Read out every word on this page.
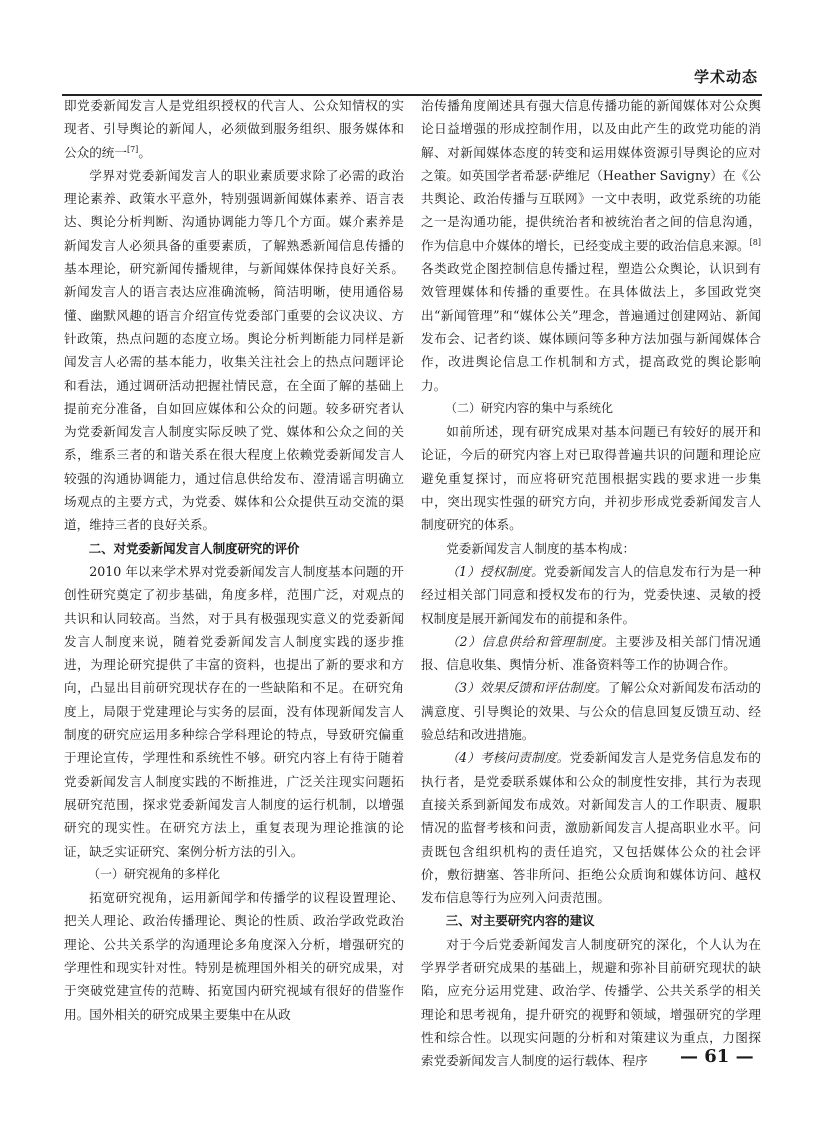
学术动态

即党委新闻发言人是党组织授权的代言人、公众知情权的实现者、引导舆论的新闻人，必须做到服务组织、服务媒体和公众的统一[7]。

学界对党委新闻发言人的职业素质要求除了必需的政治理论素养、政策水平意外，特别强调新闻媒体素养、语言表达、舆论分析判断、沟通协调能力等几个方面。媒介素养是新闻发言人必须具备的重要素质，了解熟悉新闻信息传播的基本理论，研究新闻传播规律，与新闻媒体保持良好关系。新闻发言人的语言表达应准确流畅，简洁明晰，使用通俗易懂、幽默风趣的语言介绍宣传党委部门重要的会议决议、方针政策，热点问题的态度立场。舆论分析判断能力同样是新闻发言人必需的基本能力，收集关注社会上的热点问题评论和看法，通过调研活动把握社情民意，在全面了解的基础上提前充分准备，自如回应媒体和公众的问题。较多研究者认为党委新闻发言人制度实际反映了党、媒体和公众之间的关系，维系三者的和谐关系在很大程度上依赖党委新闻发言人较强的沟通协调能力，通过信息供给发布、澄清谣言明确立场观点的主要方式，为党委、媒体和公众提供互动交流的渠道，维持三者的良好关系。

二、对党委新闻发言人制度研究的评价

2010 年以来学术界对党委新闻发言人制度基本问题的开创性研究奠定了初步基础，角度多样，范围广泛，对观点的共识和认同较高。当然，对于具有极强现实意义的党委新闻发言人制度来说，随着党委新闻发言人制度实践的逐步推进，为理论研究提供了丰富的资料，也提出了新的要求和方向，凸显出目前研究现状存在的一些缺陷和不足。在研究角度上，局限于党建理论与实务的层面，没有体现新闻发言人制度的研究应运用多种综合学科理论的特点，导致研究偏重于理论宣传，学理性和系统性不够。研究内容上有待于随着党委新闻发言人制度实践的不断推进，广泛关注现实问题拓展研究范围，探求党委新闻发言人制度的运行机制，以增强研究的现实性。在研究方法上，重复表现为理论推演的论证，缺乏实证研究、案例分析方法的引入。

（一）研究视角的多样化

拓宽研究视角，运用新闻学和传播学的议程设置理论、把关人理论、政治传播理论、舆论的性质、政治学政党政治理论、公共关系学的沟通理论多角度深入分析，增强研究的学理性和现实针对性。特别是梳理国外相关的研究成果，对于突破党建宣传的范畴、拓宽国内研究视域有很好的借鉴作用。国外相关的研究成果主要集中在从政

治传播角度阐述具有强大信息传播功能的新闻媒体对公众舆论日益增强的形成控制作用，以及由此产生的政党功能的消解、对新闻媒体态度的转变和运用媒体资源引导舆论的应对之策。如英国学者希瑟·萨维尼（Heather Savigny）在《公共舆论、政治传播与互联网》一文中表明，政党系统的功能之一是沟通功能，提供统治者和被统治者之间的信息沟通，作为信息中介媒体的增长，已经变成主要的政治信息来源。[8]各类政党企图控制信息传播过程，塑造公众舆论，认识到有效管理媒体和传播的重要性。在具体做法上，多国政党突出“新闻管理”和“媒体公关”理念，普遍通过创建网站、新闻发布会、记者约谈、媒体顾问等多种方法加强与新闻媒体合作，改进舆论信息工作机制和方式，提高政党的舆论影响力。

（二）研究内容的集中与系统化

如前所述，现有研究成果对基本问题已有较好的展开和论证，今后的研究内容上对已取得普遍共识的问题和理论应避免重复探讨，而应将研究范围根据实践的要求进一步集中，突出现实性强的研究方向，并初步形成党委新闻发言人制度研究的体系。

党委新闻发言人制度的基本构成：

（1）授权制度。党委新闻发言人的信息发布行为是一种经过相关部门同意和授权发布的行为，党委快速、灵敏的授权制度是展开新闻发布的前提和条件。

（2）信息供给和管理制度。主要涉及相关部门情况通报、信息收集、舆情分析、准备资料等工作的协调合作。

（3）效果反馈和评估制度。了解公众对新闻发布活动的满意度、引导舆论的效果、与公众的信息回复反馈互动、经验总结和改进措施。

（4）考核问责制度。党委新闻发言人是党务信息发布的执行者，是党委联系媒体和公众的制度性安排，其行为表现直接关系到新闻发布成效。对新闻发言人的工作职责、履职情况的监督考核和问责，激励新闻发言人提高职业水平。问责既包含组织机构的责任追究，又包括媒体公众的社会评价，敷衍搪塞、答非所问、拒绝公众质询和媒体访问、越权发布信息等行为应列入问责范围。

三、对主要研究内容的建议

对于今后党委新闻发言人制度研究的深化，个人认为在学界学者研究成果的基础上，规避和弥补目前研究现状的缺陷，应充分运用党建、政治学、传播学、公共关系学的相关理论和思考视角，提升研究的视野和领域，增强研究的学理性和综合性。以现实问题的分析和对策建议为重点，力图探索党委新闻发言人制度的运行载体、程序	— 61 —
